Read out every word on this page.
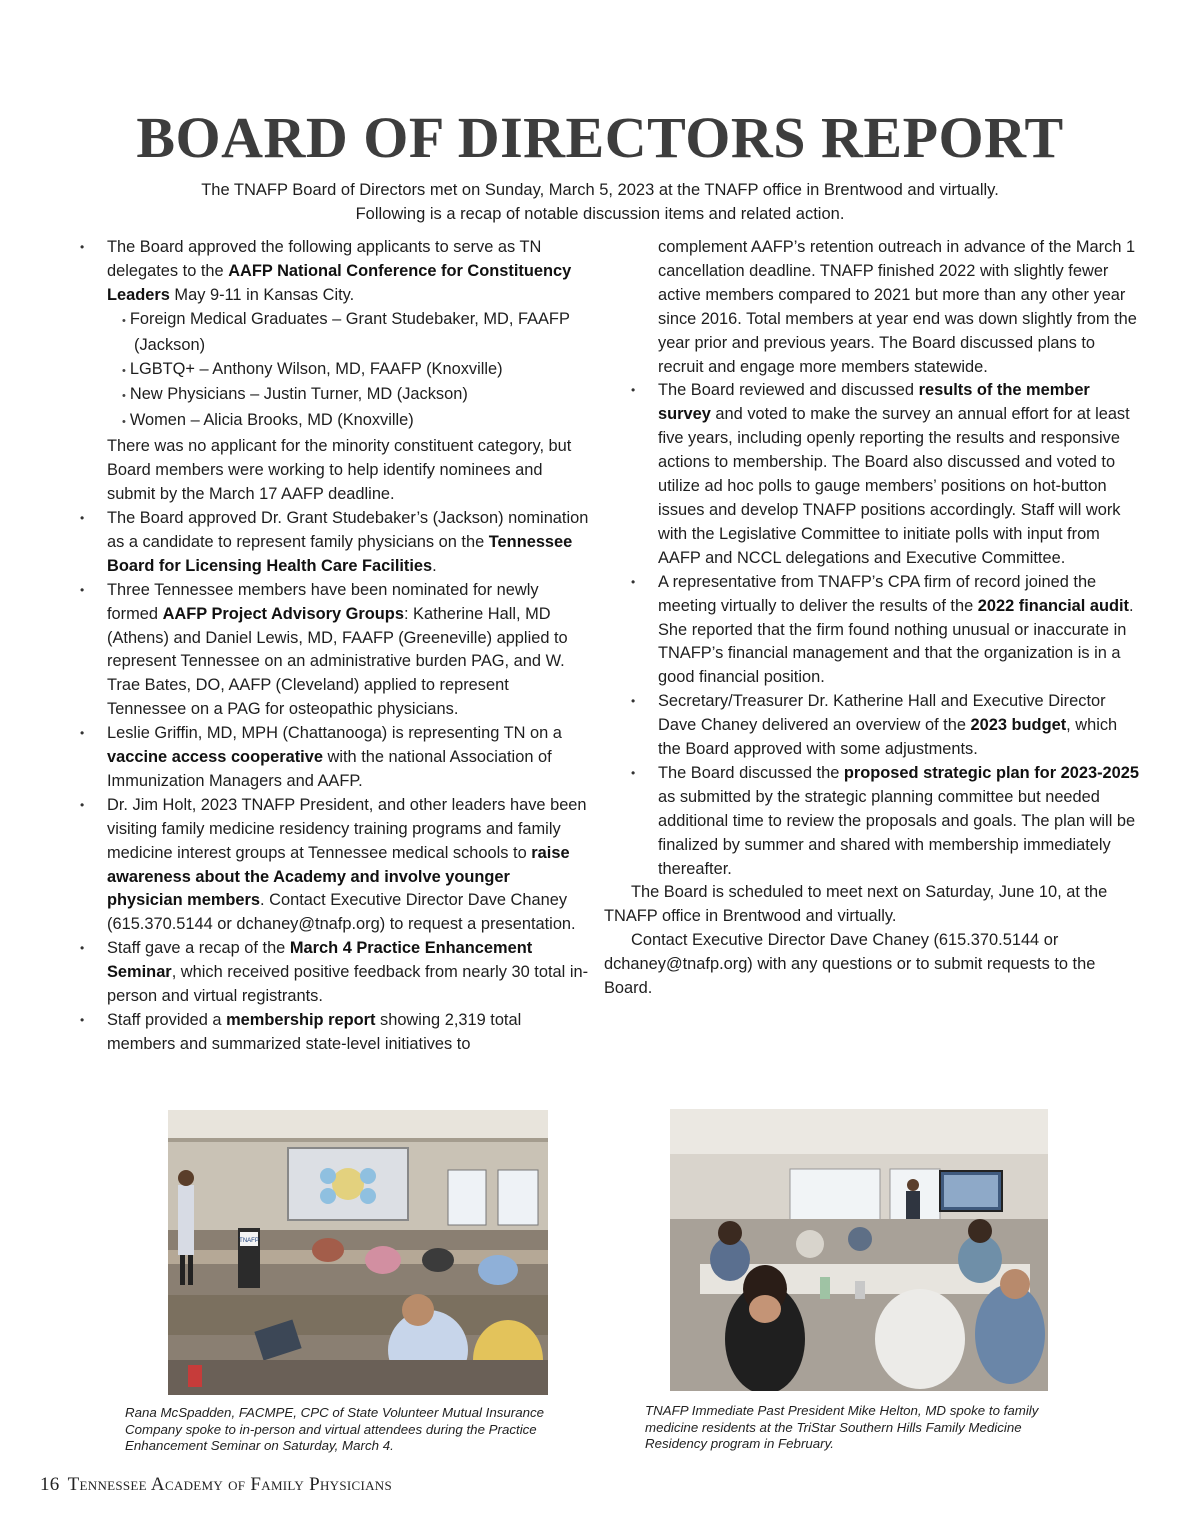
BOARD OF DIRECTORS REPORT
The TNAFP Board of Directors met on Sunday, March 5, 2023 at the TNAFP office in Brentwood and virtually.
Following is a recap of notable discussion items and related action.
• The Board approved the following applicants to serve as TN delegates to the AAFP National Conference for Constituency Leaders May 9-11 in Kansas City.
• Foreign Medical Graduates – Grant Studebaker, MD, FAAFP (Jackson)
• LGBTQ+ – Anthony Wilson, MD, FAAFP (Knoxville)
• New Physicians – Justin Turner, MD (Jackson)
• Women – Alicia Brooks, MD (Knoxville)
There was no applicant for the minority constituent category, but Board members were working to help identify nominees and submit by the March 17 AAFP deadline.
• The Board approved Dr. Grant Studebaker’s (Jackson) nomination as a candidate to represent family physicians on the Tennessee Board for Licensing Health Care Facilities.
• Three Tennessee members have been nominated for newly formed AAFP Project Advisory Groups: Katherine Hall, MD (Athens) and Daniel Lewis, MD, FAAFP (Greeneville) applied to represent Tennessee on an administrative burden PAG, and W. Trae Bates, DO, AAFP (Cleveland) applied to represent Tennessee on a PAG for osteopathic physicians.
• Leslie Griffin, MD, MPH (Chattanooga) is representing TN on a vaccine access cooperative with the national Association of Immunization Managers and AAFP.
• Dr. Jim Holt, 2023 TNAFP President, and other leaders have been visiting family medicine residency training programs and family medicine interest groups at Tennessee medical schools to raise awareness about the Academy and involve younger physician members. Contact Executive Director Dave Chaney (615.370.5144 or dchaney@tnafp.org) to request a presentation.
• Staff gave a recap of the March 4 Practice Enhancement Seminar, which received positive feedback from nearly 30 total in-person and virtual registrants.
• Staff provided a membership report showing 2,319 total members and summarized state-level initiatives to
complement AAFP’s retention outreach in advance of the March 1 cancellation deadline. TNAFP finished 2022 with slightly fewer active members compared to 2021 but more than any other year since 2016. Total members at year end was down slightly from the year prior and previous years. The Board discussed plans to recruit and engage more members statewide.
• The Board reviewed and discussed results of the member survey and voted to make the survey an annual effort for at least five years, including openly reporting the results and responsive actions to membership. The Board also discussed and voted to utilize ad hoc polls to gauge members’ positions on hot-button issues and develop TNAFP positions accordingly. Staff will work with the Legislative Committee to initiate polls with input from AAFP and NCCL delegations and Executive Committee.
• A representative from TNAFP’s CPA firm of record joined the meeting virtually to deliver the results of the 2022 financial audit. She reported that the firm found nothing unusual or inaccurate in TNAFP’s financial management and that the organization is in a good financial position.
• Secretary/Treasurer Dr. Katherine Hall and Executive Director Dave Chaney delivered an overview of the 2023 budget, which the Board approved with some adjustments.
• The Board discussed the proposed strategic plan for 2023-2025 as submitted by the strategic planning committee but needed additional time to review the proposals and goals. The plan will be finalized by summer and shared with membership immediately thereafter.
The Board is scheduled to meet next on Saturday, June 10, at the TNAFP office in Brentwood and virtually.
Contact Executive Director Dave Chaney (615.370.5144 or dchaney@tnafp.org) with any questions or to submit requests to the Board.
TNAFP
Rana McSpadden, FACMPE, CPC of State Volunteer Mutual Insurance Company spoke to in-person and virtual attendees during the Practice Enhancement Seminar on Saturday, March 4.
TNAFP Immediate Past President Mike Helton, MD spoke to family medicine residents at the TriStar Southern Hills Family Medicine Residency program in February.
16 Tennessee Academy of Family Physicians
